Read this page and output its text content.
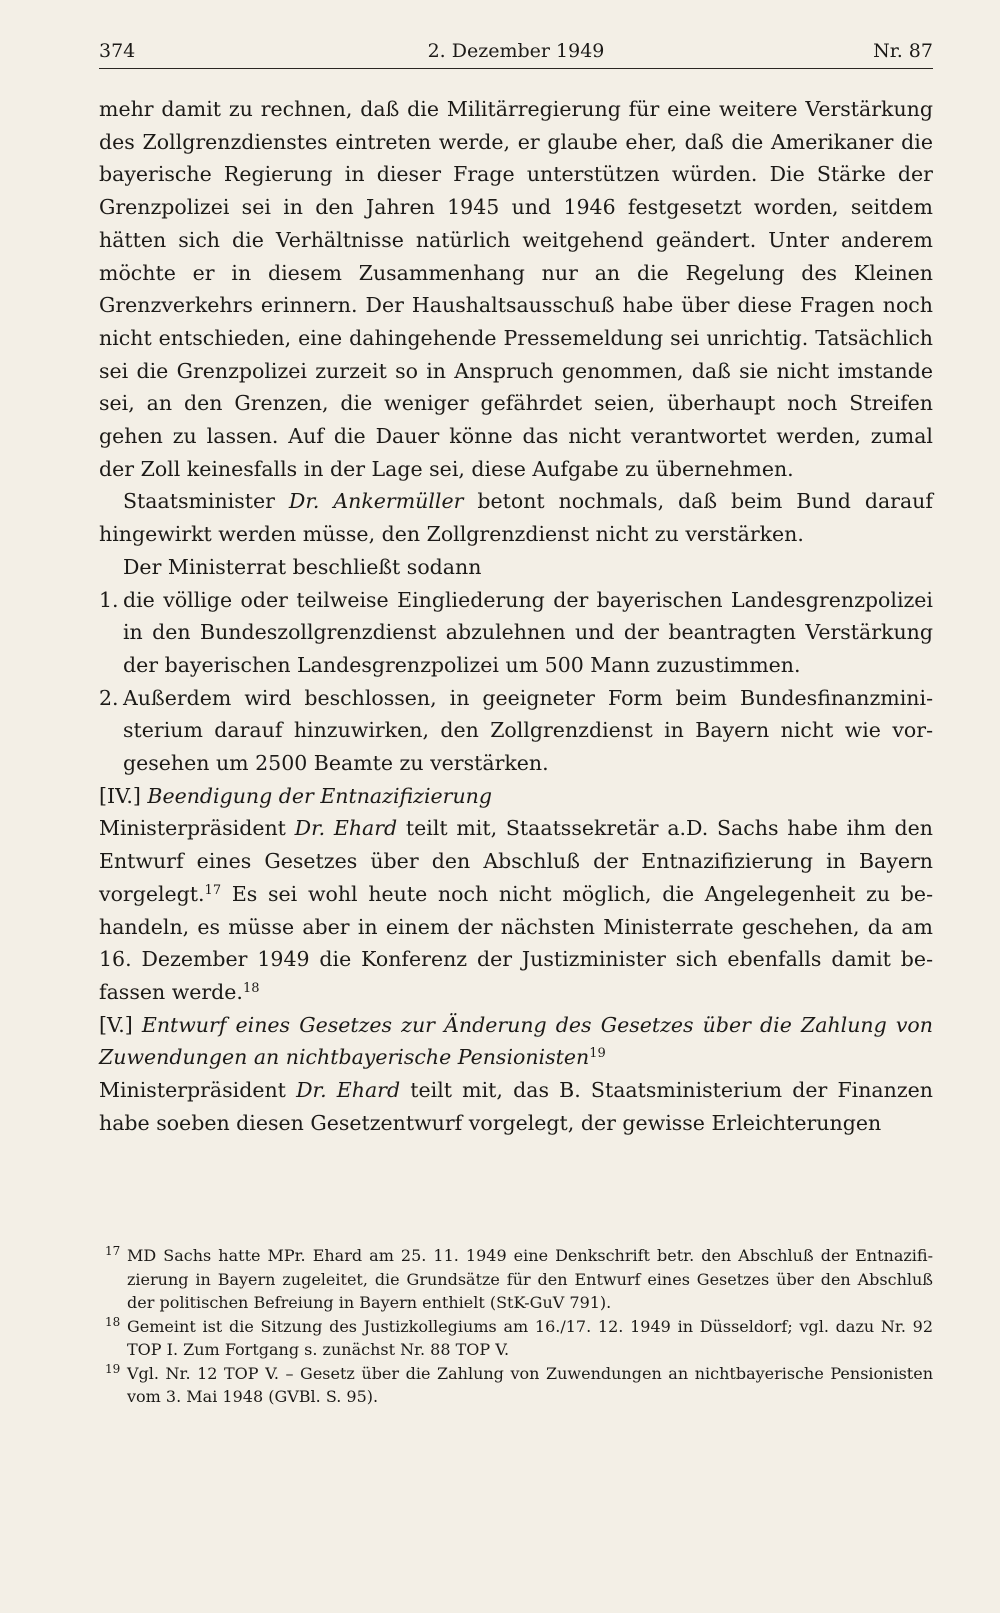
374	2. Dezember 1949	Nr. 87

mehr damit zu rechnen, daß die Militärregierung für eine weitere Verstärkung des Zollgrenzdienstes eintreten werde, er glaube eher, daß die Amerikaner die bayerische Regierung in dieser Frage unterstützen würden. Die Stärke der Grenzpolizei sei in den Jahren 1945 und 1946 festgesetzt worden, seitdem hätten sich die Verhältnisse natürlich weitgehend geändert. Unter anderem möchte er in diesem Zusammenhang nur an die Regelung des Kleinen Grenzverkehrs erinnern. Der Haushaltsausschuß habe über diese Fragen noch nicht entschieden, eine dahingehende Pressemeldung sei unrichtig. Tatsächlich sei die Grenzpolizei zurzeit so in Anspruch genommen, daß sie nicht imstande sei, an den Grenzen, die weniger gefährdet seien, überhaupt noch Streifen gehen zu lassen. Auf die Dauer könne das nicht verantwortet werden, zumal der Zoll keinesfalls in der Lage sei, diese Aufgabe zu übernehmen.

Staatsminister Dr. Ankermüller betont nochmals, daß beim Bund darauf hingewirkt werden müsse, den Zollgrenzdienst nicht zu verstärken.

Der Ministerrat beschließt sodann

1. die völlige oder teilweise Eingliederung der bayerischen Landesgrenzpolizei in den Bundeszollgrenzdienst abzulehnen und der beantragten Verstärkung der bayerischen Landesgrenzpolizei um 500 Mann zuzustimmen.
2. Außerdem wird beschlossen, in geeigneter Form beim Bundesfinanzministerium darauf hinzuwirken, den Zollgrenzdienst in Bayern nicht wie vorgesehen um 2500 Beamte zu verstärken.

[IV.] Beendigung der Entnazifizierung

Ministerpräsident Dr. Ehard teilt mit, Staatssekretär a.D. Sachs habe ihm den Entwurf eines Gesetzes über den Abschluß der Entnazifizierung in Bayern vorgelegt.$^{17}$ Es sei wohl heute noch nicht möglich, die Angelegenheit zu behandeln, es müsse aber in einem der nächsten Ministerrate geschehen, da am 16. Dezember 1949 die Konferenz der Justizminister sich ebenfalls damit befassen werde.$^{18}$

[V.] Entwurf eines Gesetzes zur Änderung des Gesetzes über die Zahlung von Zuwendungen an nichtbayerische Pensionisten$^{19}$

Ministerpräsident Dr. Ehard teilt mit, das B. Staatsministerium der Finanzen habe soeben diesen Gesetzentwurf vorgelegt, der gewisse Erleichterungen

17 MD Sachs hatte MPr. Ehard am 25. 11. 1949 eine Denkschrift betr. den Abschluß der Entnazifizierung in Bayern zugeleitet, die Grundsätze für den Entwurf eines Gesetzes über den Abschluß der politischen Befreiung in Bayern enthielt (StK-GuV 791).
18 Gemeint ist die Sitzung des Justizkollegiums am 16./17. 12. 1949 in Düsseldorf; vgl. dazu Nr. 92 TOP I. Zum Fortgang s. zunächst Nr. 88 TOP V.
19 Vgl. Nr. 12 TOP V. – Gesetz über die Zahlung von Zuwendungen an nichtbayerische Pensionisten vom 3. Mai 1948 (GVBl. S. 95).
